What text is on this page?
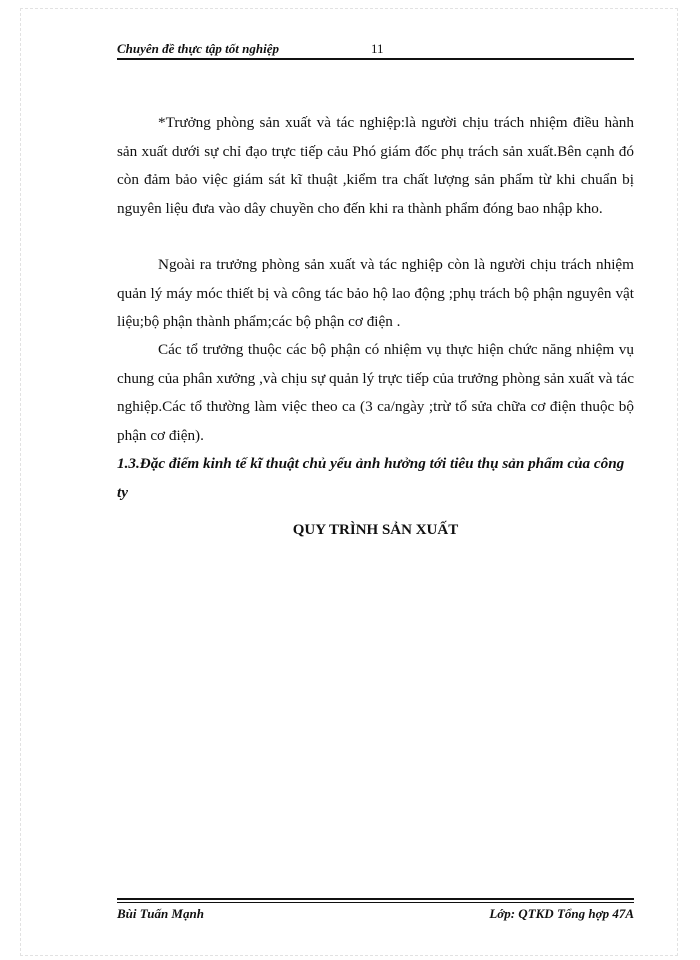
Chuyên đề thực tập tốt nghiệp	11

*Trưởng phòng sản xuất và tác nghiệp:là người chịu trách nhiệm điều hành sản xuất dưới sự chỉ đạo trực tiếp cảu Phó giám đốc phụ trách sản xuất.Bên cạnh đó còn đảm bảo việc giám sát kĩ thuật ,kiểm tra chất lượng sản phẩm từ khi chuẩn bị nguyên liệu đưa vào dây chuyền cho đến khi ra thành phẩm đóng bao nhập kho.

Ngoài ra trưởng phòng sản xuất và tác nghiệp còn là người chịu trách nhiệm quản lý máy móc thiết bị và công tác bảo hộ lao động ;phụ trách bộ phận nguyên vật liệu;bộ phận thành phẩm;các bộ phận cơ điện .

Các tổ trưởng thuộc các bộ phận có nhiệm vụ thực hiện chức năng nhiệm vụ chung của phân xưởng ,và chịu sự quản lý trực tiếp của trưởng phòng sản xuất và tác nghiệp.Các tổ thường làm việc theo ca (3 ca/ngày ;trừ tổ sửa chữa cơ điện thuộc bộ phận cơ điện).

1.3.Đặc điểm kinh tế kĩ thuật chủ yếu ảnh hưởng tới tiêu thụ sản phẩm của công ty
QUY TRÌNH SẢN XUẤT
Bùi Tuấn Mạnh	Lớp: QTKD Tổng hợp 47A
